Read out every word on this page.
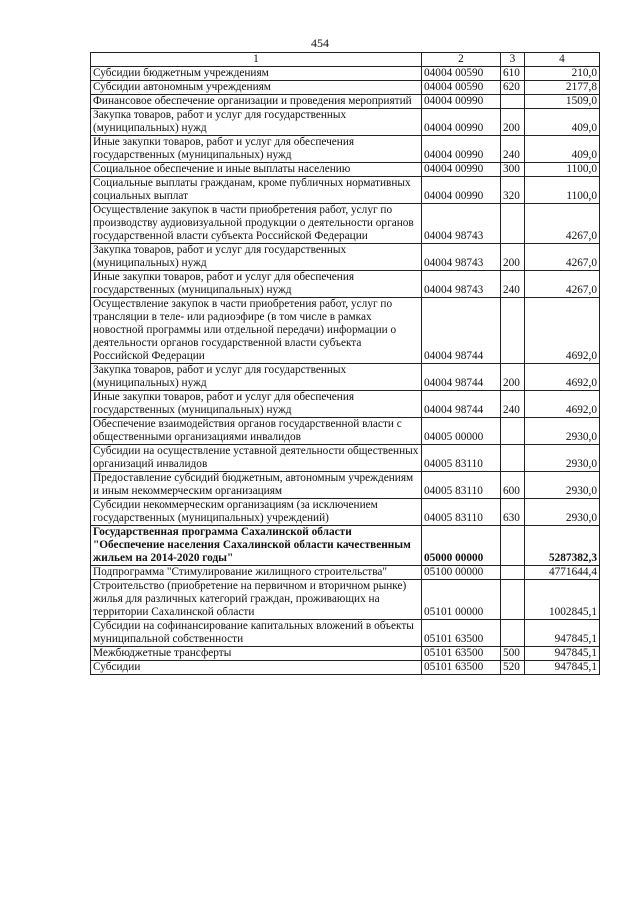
454
1	2	3	4
Субсидии бюджетным учреждениям	04004 00590	610	210,0
Субсидии автономным учреждениям	04004 00590	620	2177,8
Финансовое обеспечение организации и проведения мероприятий	04004 00990		1509,0
Закупка товаров, работ и услуг для государственных (муниципальных) нужд	04004 00990	200	409,0
Иные закупки товаров, работ и услуг для обеспечения государственных (муниципальных) нужд	04004 00990	240	409,0
Социальное обеспечение и иные выплаты населению	04004 00990	300	1100,0
Социальные выплаты гражданам, кроме публичных нормативных социальных выплат	04004 00990	320	1100,0
Осуществление закупок в части приобретения работ, услуг по производству аудиовизуальной продукции о деятельности органов государственной власти субъекта Российской Федерации	04004 98743		4267,0
Закупка товаров, работ и услуг для государственных (муниципальных) нужд	04004 98743	200	4267,0
Иные закупки товаров, работ и услуг для обеспечения государственных (муниципальных) нужд	04004 98743	240	4267,0
Осуществление закупок в части приобретения работ, услуг по трансляции в теле- или радиоэфире (в том числе в рамках новостной программы или отдельной передачи) информации о деятельности органов государственной власти субъекта Российской Федерации	04004 98744		4692,0
Закупка товаров, работ и услуг для государственных (муниципальных) нужд	04004 98744	200	4692,0
Иные закупки товаров, работ и услуг для обеспечения государственных (муниципальных) нужд	04004 98744	240	4692,0
Обеспечение взаимодействия органов государственной власти с общественными организациями инвалидов	04005 00000		2930,0
Субсидии на осуществление уставной деятельности общественных организаций инвалидов	04005 83110		2930,0
Предоставление субсидий бюджетным, автономным учреждениям и иным некоммерческим организациям	04005 83110	600	2930,0
Субсидии некоммерческим организациям (за исключением государственных (муниципальных) учреждений)	04005 83110	630	2930,0
Государственная программа Сахалинской области "Обеспечение населения Сахалинской области качественным жильем на 2014-2020 годы"	05000 00000		5287382,3
Подпрограмма "Стимулирование жилищного строительства"	05100 00000		4771644,4
Строительство (приобретение на первичном и вторичном рынке) жилья для различных категорий граждан, проживающих на территории Сахалинской области	05101 00000		1002845,1
Субсидии на софинансирование капитальных вложений в объекты муниципальной собственности	05101 63500		947845,1
Межбюджетные трансферты	05101 63500	500	947845,1
Субсидии	05101 63500	520	947845,1
